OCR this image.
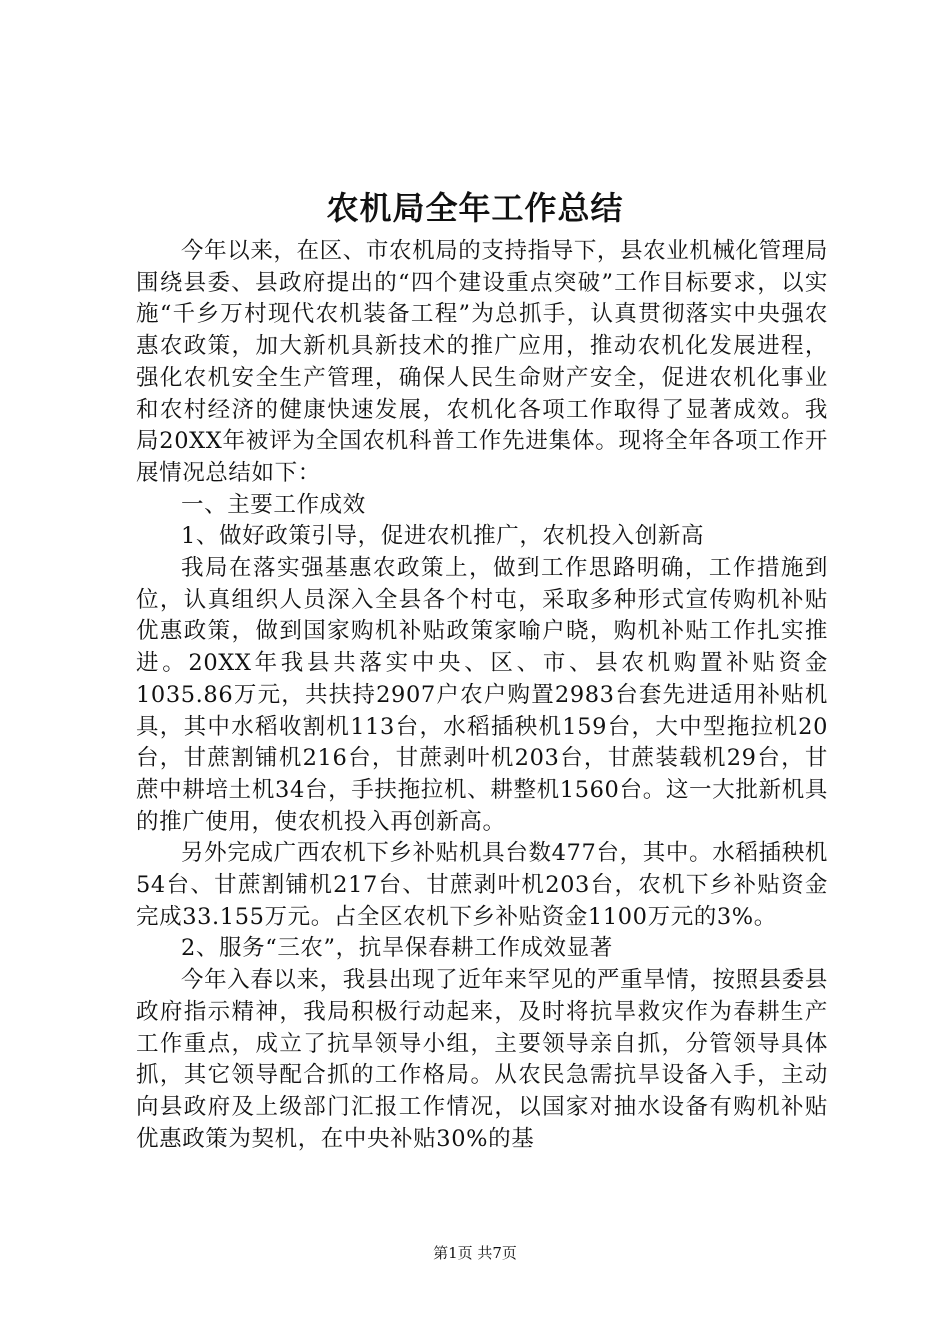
农机局全年工作总结

今年以来，在区、市农机局的支持指导下，县农业机械化管理局围绕县委、县政府提出的“四个建设重点突破”工作目标要求，以实施“千乡万村现代农机装备工程”为总抓手，认真贯彻落实中央强农惠农政策，加大新机具新技术的推广应用，推动农机化发展进程，强化农机安全生产管理，确保人民生命财产安全，促进农机化事业和农村经济的健康快速发展，农机化各项工作取得了显著成效。我局20XX年被评为全国农机科普工作先进集体。现将全年各项工作开展情况总结如下：

一、主要工作成效

1、做好政策引导，促进农机推广，农机投入创新高

我局在落实强基惠农政策上，做到工作思路明确，工作措施到位，认真组织人员深入全县各个村屯，采取多种形式宣传购机补贴优惠政策，做到国家购机补贴政策家喻户晓，购机补贴工作扎实推进。20XX年我县共落实中央、区、市、县农机购置补贴资金1035.86万元，共扶持2907户农户购置2983台套先进适用补贴机具，其中水稻收割机113台，水稻插秧机159台，大中型拖拉机20台，甘蔗割铺机216台，甘蔗剥叶机203台，甘蔗装载机29台，甘蔗中耕培土机34台，手扶拖拉机、耕整机1560台。这一大批新机具的推广使用，使农机投入再创新高。

另外完成广西农机下乡补贴机具台数477台，其中。水稻插秧机54台、甘蔗割铺机217台、甘蔗剥叶机203台，农机下乡补贴资金完成33.155万元。占全区农机下乡补贴资金1100万元的3%。

2、服务“三农”，抗旱保春耕工作成效显著

今年入春以来，我县出现了近年来罕见的严重旱情，按照县委县政府指示精神，我局积极行动起来，及时将抗旱救灾作为春耕生产工作重点，成立了抗旱领导小组，主要领导亲自抓，分管领导具体抓，其它领导配合抓的工作格局。从农民急需抗旱设备入手，主动向县政府及上级部门汇报工作情况，以国家对抽水设备有购机补贴优惠政策为契机，在中央补贴30%的基

第1页 共7页
